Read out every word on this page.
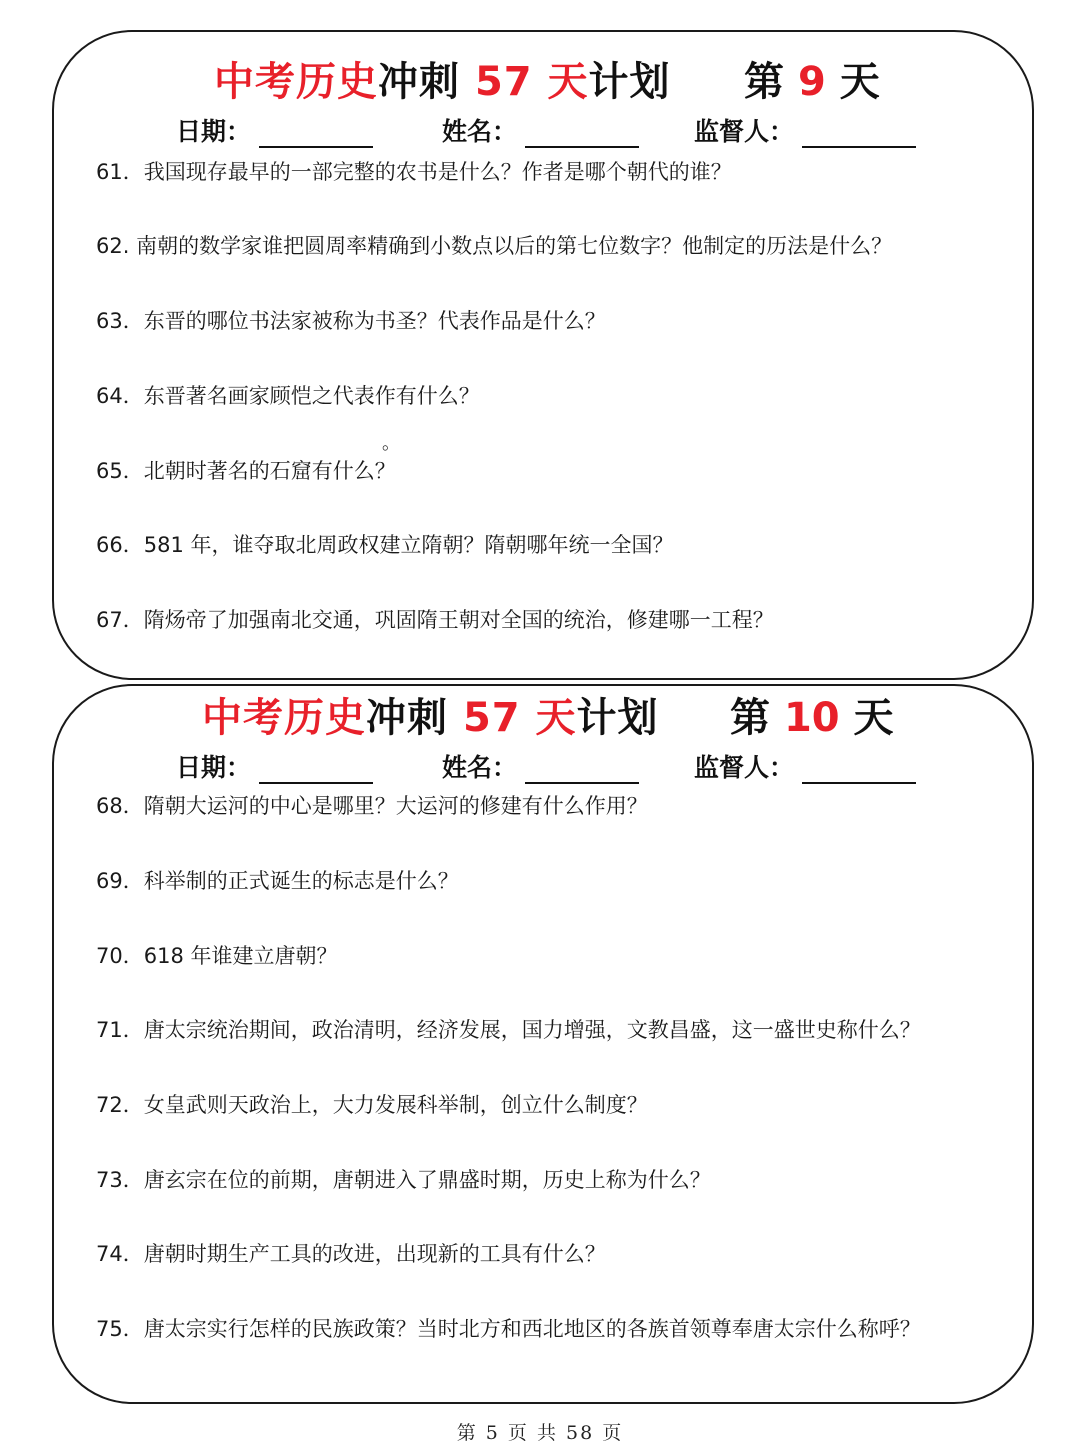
中考历史冲刺 57 天计划 第 9 天
日期：	姓名：	监督人：
61．我国现存最早的一部完整的农书是什么？作者是哪个朝代的谁？
62. 南朝的数学家谁把圆周率精确到小数点以后的第七位数字？他制定的历法是什么？
63．东晋的哪位书法家被称为书圣？代表作品是什么？
64．东晋著名画家顾恺之代表作有什么？
。
65．北朝时著名的石窟有什么？
66．581 年，谁夺取北周政权建立隋朝？隋朝哪年统一全国？
67．隋炀帝了加强南北交通，巩固隋王朝对全国的统治，修建哪一工程？
中考历史冲刺 57 天计划 第 10 天
日期：	姓名：	监督人：
68．隋朝大运河的中心是哪里？大运河的修建有什么作用？
69．科举制的正式诞生的标志是什么？
70．618 年谁建立唐朝？
71．唐太宗统治期间，政治清明，经济发展，国力增强，文教昌盛，这一盛世史称什么？
72．女皇武则天政治上，大力发展科举制，创立什么制度？
73．唐玄宗在位的前期，唐朝进入了鼎盛时期，历史上称为什么？
74．唐朝时期生产工具的改进，出现新的工具有什么？
75．唐太宗实行怎样的民族政策？当时北方和西北地区的各族首领尊奉唐太宗什么称呼？
第 5 页 共 58 页
